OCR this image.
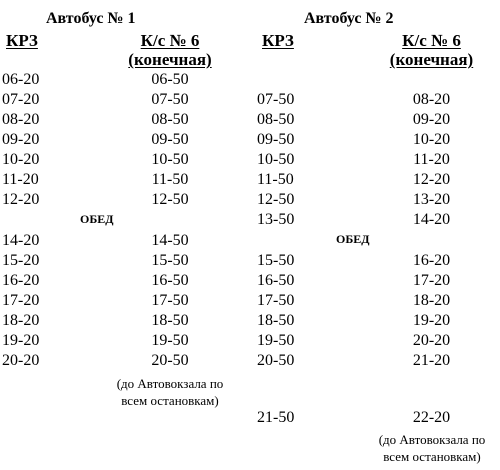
Автобус № 1	Автобус № 2
КРЗ	К/с № 6
(конечная)
КРЗ	К/с № 6
(конечная)
06-20	06-50
07-20	07-50
08-20	08-50
09-20	09-50
10-20	10-50
11-20	11-50
12-20	12-50
ОБЕД
14-20	14-50
15-20	15-50
16-20	16-50
17-20	17-50
18-20	18-50
19-20	19-50
20-20	20-50
(до Автовокзала по
всем остановкам)
07-50	08-20
08-50	09-20
09-50	10-20
10-50	11-20
11-50	12-20
12-50	13-20
13-50	14-20
ОБЕД
15-50	16-20
16-50	17-20
17-50	18-20
18-50	19-20
19-50	20-20
20-50	21-20
21-50	22-20
(до Автовокзала по
всем остановкам)
